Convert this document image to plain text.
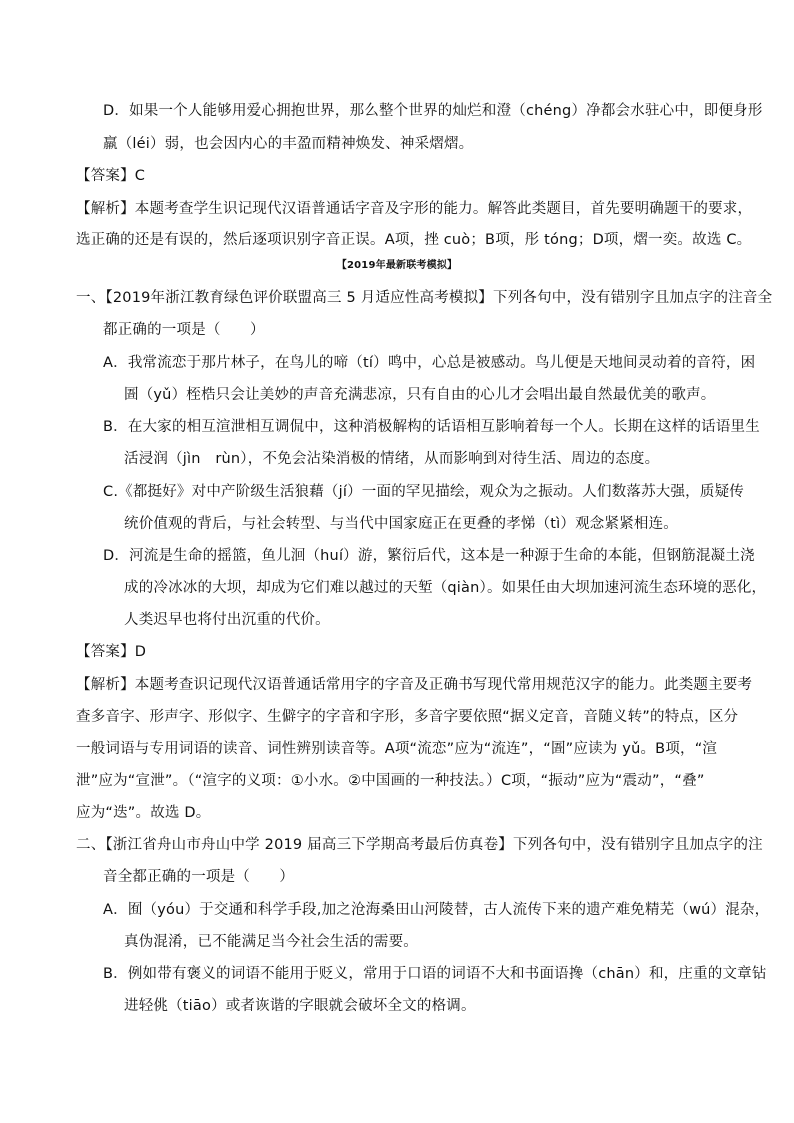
D．如果一个人能够用爱心拥抱世界，那么整个世界的灿烂和澄（chéng）净都会水驻心中，即便身形
羸（léi）弱，也会因内心的丰盈而精神焕发、神采熠熠。
【答案】C
【解析】本题考查学生识记现代汉语普通话字音及字形的能力。解答此类题目，首先要明确题干的要求，
选正确的还是有误的，然后逐项识别字音正误。A项，挫 cuò；B项，彤 tóng；D项，熠一奕。故选 C。
【2019年最新联考模拟】
一、【2019年浙江教育绿色评价联盟高三 5 月适应性高考模拟】下列各句中，没有错别字且加点字的注音全
都正确的一项是（　　）
A．我常流恋于那片林子，在鸟儿的啼（tí）鸣中，心总是被感动。鸟儿便是天地间灵动着的音符，困
圄（yǔ）桎梏只会让美妙的声音充满悲凉，只有自由的心儿才会唱出最自然最优美的歌声。
B．在大家的相互渲泄相互调侃中，这种消极解构的话语相互影响着每一个人。长期在这样的话语里生
活浸润（jìn　rùn），不免会沾染消极的情绪，从而影响到对待生活、周边的态度。
C.《都挺好》对中产阶级生活狼藉（jí）一面的罕见描绘，观众为之振动。人们数落苏大强，质疑传
统价值观的背后，与社会转型、与当代中国家庭正在更叠的孝悌（tì）观念紧紧相连。
D．河流是生命的摇篮，鱼儿洄（huí）游，繁衍后代，这本是一种源于生命的本能，但钢筋混凝土浇
成的冷冰冰的大坝，却成为它们难以越过的天堑（qiàn）。如果任由大坝加速河流生态环境的恶化，
人类迟早也将付出沉重的代价。
【答案】D
【解析】本题考查识记现代汉语普通话常用字的字音及正确书写现代常用规范汉字的能力。此类题主要考
查多音字、形声字、形似字、生僻字的字音和字形，多音字要依照“据义定音，音随义转”的特点，区分
一般词语与专用词语的读音、词性辨别读音等。A项“流恋”应为“流连”，“圄”应读为 yǔ。B项，“渲
泄”应为“宣泄”。（“渲字的义项：①小水。②中国画的一种技法。）C项，“振动”应为“震动”，“叠”
应为“迭”。故选 D。
二、【浙江省舟山市舟山中学 2019 届高三下学期高考最后仿真卷】下列各句中，没有错别字且加点字的注
音全都正确的一项是（　　）
A．囿（yóu）于交通和科学手段,加之沧海桑田山河陵替，古人流传下来的遗产难免精芜（wú）混杂，
真伪混淆，已不能满足当今社会生活的需要。
B．例如带有褒义的词语不能用于贬义，常用于口语的词语不大和书面语搀（chān）和，庄重的文章钻
进轻佻（tiāo）或者诙谐的字眼就会破坏全文的格调。
